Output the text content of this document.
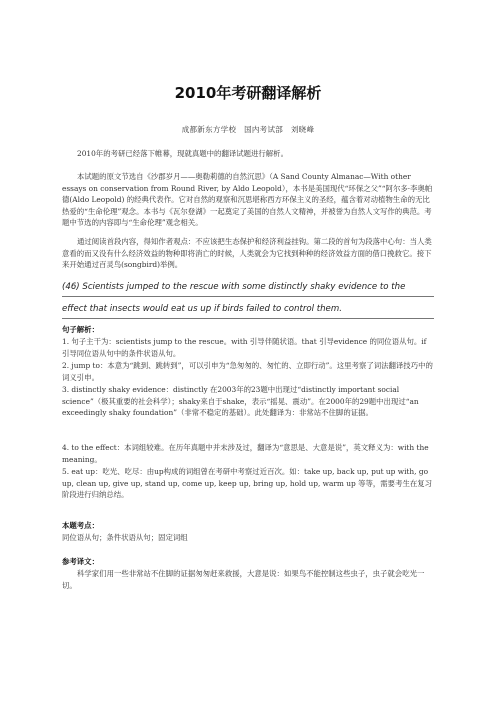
2010年考研翻译解析
成都新东方学校　国内考试部　刘晓峰

2010年的考研已经落下帷幕，现就真题中的翻译试题进行解析。

本试题的原文节选自《沙郡岁月——奥勒莉德的自然沉思》（A Sand County Almanac—With other essays on conservation from Round River, by Aldo Leopold），本书是美国现代“环保之父”“阿尔多·李奥帕德(Aldo Leopold) 的经典代表作。它对自然的观察和沉思堪称西方环保主义的圣经，蕴含着对动植物生命的无比热爱的“生命伦理”观念。本书与《瓦尔登湖》一起奠定了美国的自然人文精神，并被誉为自然人文写作的典范。考题中节选的内容即与“生命伦理”观念相关。

通过阅读首段内容，得知作者观点：不应该把生态保护和经济利益挂钩。第二段的首句为段落中心句：当人类意看的而又没有什么经济效益的物种即将消亡的时候，人类就会为它找到种种的经济效益方面的借口挽救它。接下来开始通过百灵鸟(songbird)举例。

(46) Scientists jumped to the rescue with some distinctly shaky evidence to the

effect that insects would eat us up if birds failed to control them.

句子解析：

1. 句子主干为：scientists jump to the rescue。with 引导伴随状语。that 引导evidence 的同位语从句。if 引导同位语从句中的条件状语从句。

2. jump to：本意为“跳到、跳转到”，可以引申为“急匆匆的、匆忙的、立即行动”。这里考察了词法翻译技巧中的词义引申。

3. distinctly shaky evidence：distinctly 在2003年的23题中出现过“distinctly important social science”（极其重要的社会科学）；shaky来自于shake，表示“摇晃、震动”。在2000年的29题中出现过“an exceedingly shaky foundation”（非常不稳定的基础）。此处翻译为：非常站不住脚的证据。

4. to the effect：本词组较难。在历年真题中并未涉及过，翻译为“意思是、大意是说”，英文释义为：with the meaning。

5. eat up：吃光、吃尽：由up构成的词组曾在考研中考察过近百次。如：take up, back up, put up with, go up, clean up, give up, stand up, come up, keep up, bring up, hold up, warm up 等等，需要考生在复习阶段进行归纳总结。

本题考点：

同位语从句；条件状语从句；固定词组

参考译文：

科学家们用一些非常站不住脚的证据匆匆赶来救援，大意是说：如果鸟不能控制这些虫子，虫子就会吃光一切。
